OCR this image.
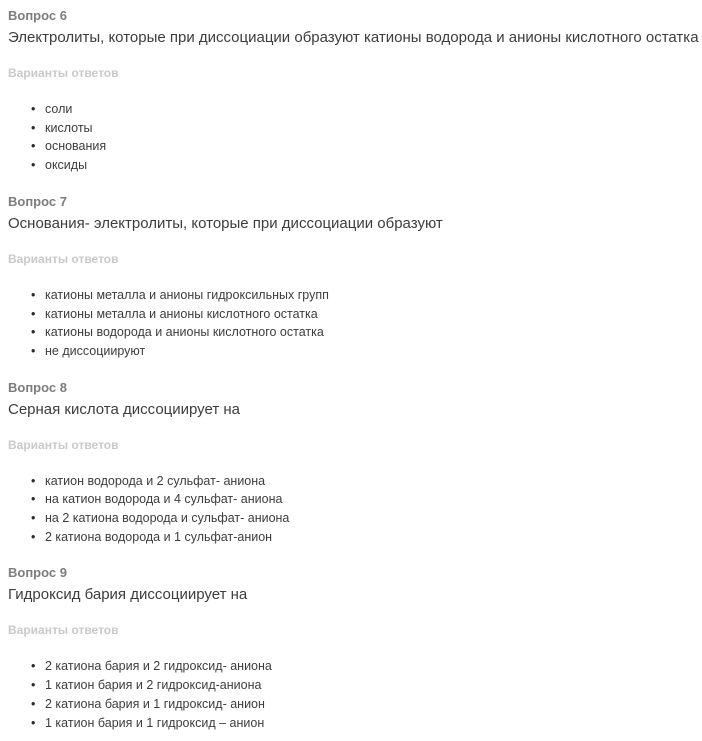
Вопрос 6

Электролиты, которые при диссоциации образуют катионы водорода и анионы кислотного остатка

Варианты ответов
• соли
• кислоты
• основания
• оксиды
Вопрос 7

Основания- электролиты, которые при диссоциации образуют

Варианты ответов
• катионы металла и анионы гидроксильных групп
• катионы металла и анионы кислотного остатка
• катионы водорода и анионы кислотного остатка
• не диссоциируют
Вопрос 8

Серная кислота диссоциирует на

Варианты ответов
• катион водорода и 2 сульфат- аниона
• на катион водорода и 4 сульфат- аниона
• на 2 катиона водорода и сульфат- аниона
• 2 катиона водорода и 1 сульфат-анион
Вопрос 9

Гидроксид бария диссоциирует на

Варианты ответов
• 2 катиона бария и 2 гидроксид- аниона
• 1 катион бария и 2 гидроксид-аниона
• 2 катиона бария и 1 гидроксид- анион
• 1 катион бария и 1 гидроксид – анион
